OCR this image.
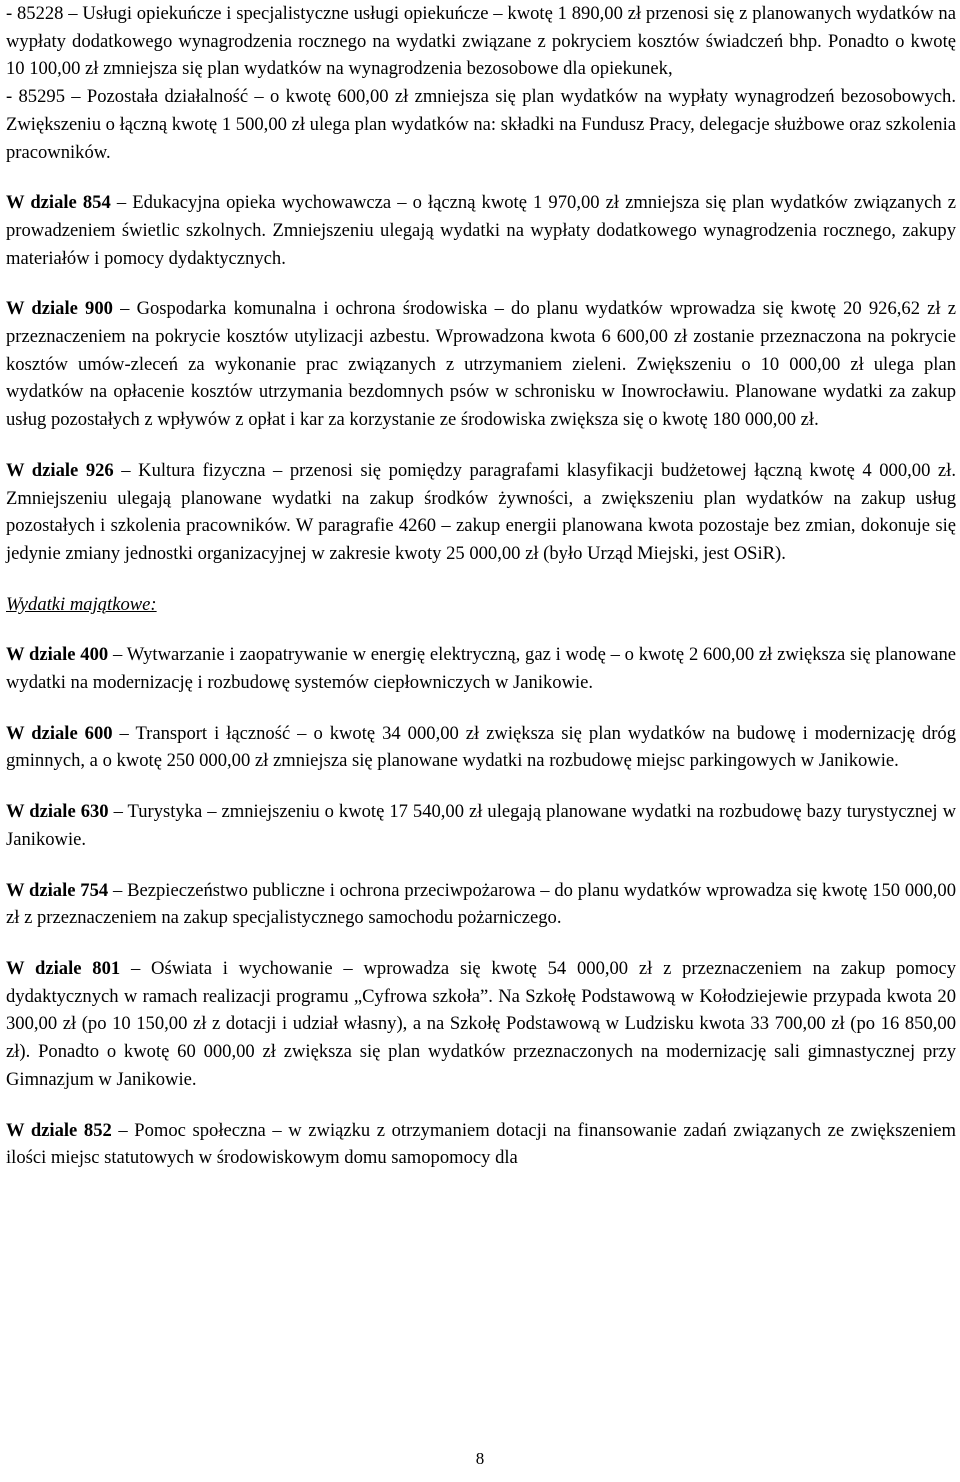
- 85228 – Usługi opiekuńcze i specjalistyczne usługi opiekuńcze – kwotę 1 890,00 zł przenosi się z planowanych wydatków na wypłaty dodatkowego wynagrodzenia rocznego na wydatki związane z pokryciem kosztów świadczeń bhp. Ponadto o kwotę 10 100,00 zł zmniejsza się plan wydatków na wynagrodzenia bezosobowe dla opiekunek,

- 85295 – Pozostała działalność – o kwotę 600,00 zł zmniejsza się plan wydatków na wypłaty wynagrodzeń bezosobowych. Zwiększeniu o łączną kwotę 1 500,00 zł ulega plan wydatków na: składki na Fundusz Pracy, delegacje służbowe oraz szkolenia pracowników.

W dziale 854 – Edukacyjna opieka wychowawcza – o łączną kwotę 1 970,00 zł zmniejsza się plan wydatków związanych z prowadzeniem świetlic szkolnych. Zmniejszeniu ulegają wydatki na wypłaty dodatkowego wynagrodzenia rocznego, zakupy materiałów i pomocy dydaktycznych.

W dziale 900 – Gospodarka komunalna i ochrona środowiska – do planu wydatków wprowadza się kwotę 20 926,62 zł z przeznaczeniem na pokrycie kosztów utylizacji azbestu. Wprowadzona kwota 6 600,00 zł zostanie przeznaczona na pokrycie kosztów umów-zleceń za wykonanie prac związanych z utrzymaniem zieleni. Zwiększeniu o 10 000,00 zł ulega plan wydatków na opłacenie kosztów utrzymania bezdomnych psów w schronisku w Inowrocławiu. Planowane wydatki za zakup usług pozostałych z wpływów z opłat i kar za korzystanie ze środowiska zwiększa się o kwotę 180 000,00 zł.

W dziale 926 – Kultura fizyczna – przenosi się pomiędzy paragrafami klasyfikacji budżetowej łączną kwotę 4 000,00 zł. Zmniejszeniu ulegają planowane wydatki na zakup środków żywności, a zwiększeniu plan wydatków na zakup usług pozostałych i szkolenia pracowników. W paragrafie 4260 – zakup energii planowana kwota pozostaje bez zmian, dokonuje się jedynie zmiany jednostki organizacyjnej w zakresie kwoty 25 000,00 zł (było Urząd Miejski, jest OSiR).

Wydatki majątkowe:

W dziale 400 – Wytwarzanie i zaopatrywanie w energię elektryczną, gaz i wodę – o kwotę 2 600,00 zł zwiększa się planowane wydatki na modernizację i rozbudowę systemów ciepłowniczych w Janikowie.

W dziale 600 – Transport i łączność – o kwotę 34 000,00 zł zwiększa się plan wydatków na budowę i modernizację dróg gminnych, a o kwotę 250 000,00 zł zmniejsza się planowane wydatki na rozbudowę miejsc parkingowych w Janikowie.

W dziale 630 – Turystyka – zmniejszeniu o kwotę 17 540,00 zł ulegają planowane wydatki na rozbudowę bazy turystycznej w Janikowie.

W dziale 754 – Bezpieczeństwo publiczne i ochrona przeciwpożarowa – do planu wydatków wprowadza się kwotę 150 000,00 zł z przeznaczeniem na zakup specjalistycznego samochodu pożarniczego.

W dziale 801 – Oświata i wychowanie – wprowadza się kwotę 54 000,00 zł z przeznaczeniem na zakup pomocy dydaktycznych w ramach realizacji programu „Cyfrowa szkoła”. Na Szkołę Podstawową w Kołodziejewie przypada kwota 20 300,00 zł (po 10 150,00 zł z dotacji i udział własny), a na Szkołę Podstawową w Ludzisku kwota 33 700,00 zł (po 16 850,00 zł). Ponadto o kwotę 60 000,00 zł zwiększa się plan wydatków przeznaczonych na modernizację sali gimnastycznej przy Gimnazjum w Janikowie.

W dziale 852 – Pomoc społeczna – w związku z otrzymaniem dotacji na finansowanie zadań związanych ze zwiększeniem ilości miejsc statutowych w środowiskowym domu samopomocy dla

8
